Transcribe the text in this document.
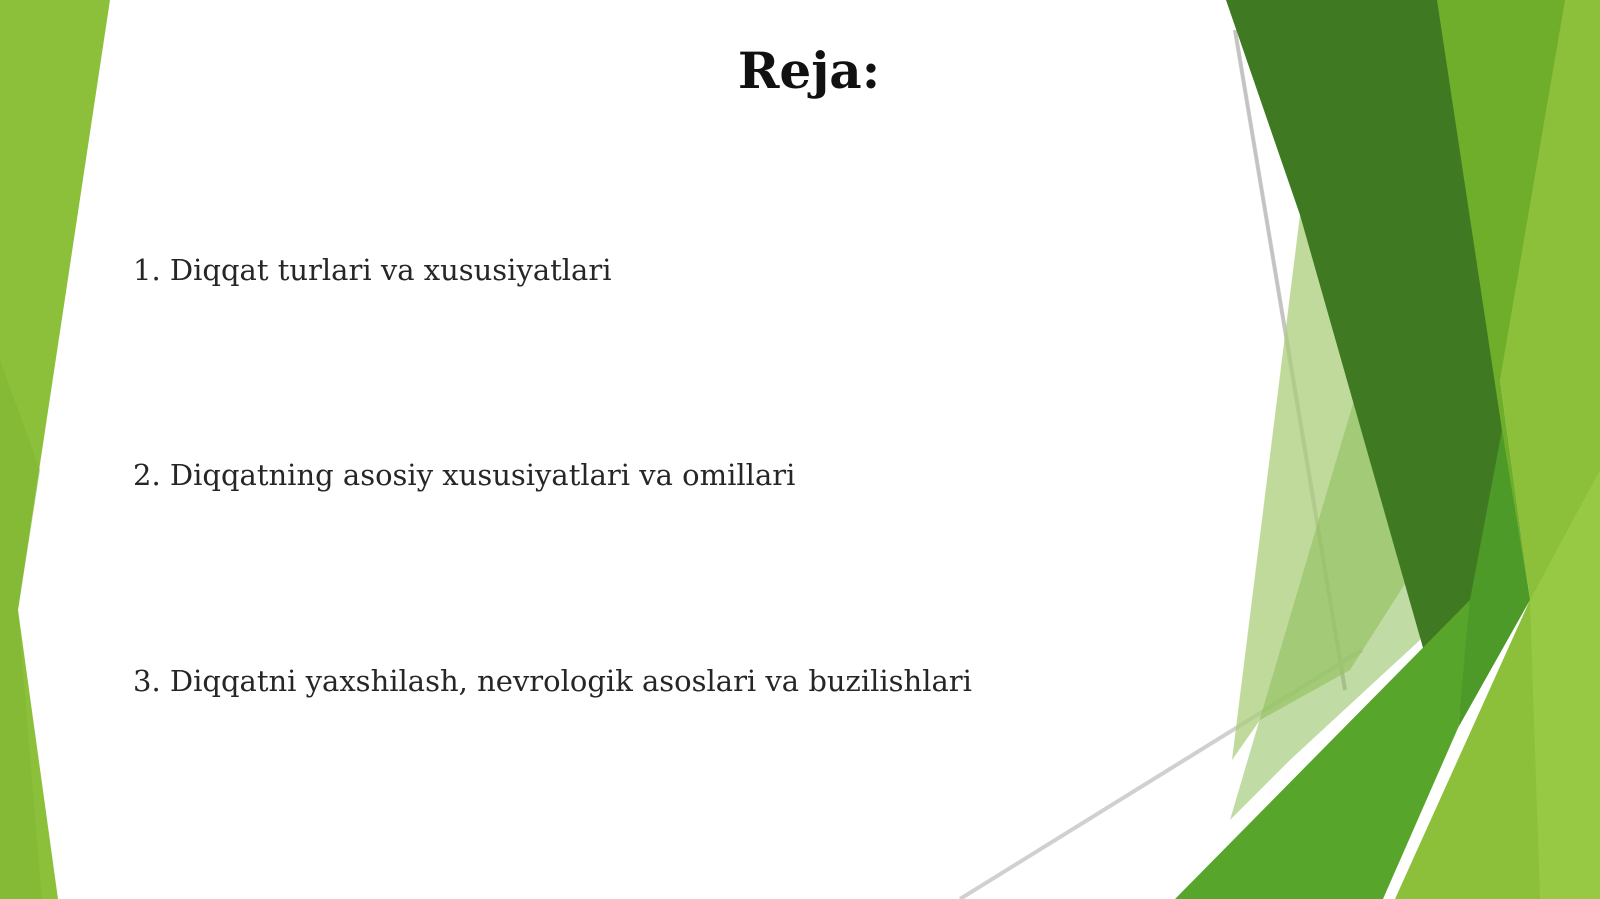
Reja:
1. Diqqat turlari va xususiyatlari
2. Diqqatning asosiy xususiyatlari va omillari
3. Diqqatni yaxshilash, nevrologik asoslari va buzilishlari
